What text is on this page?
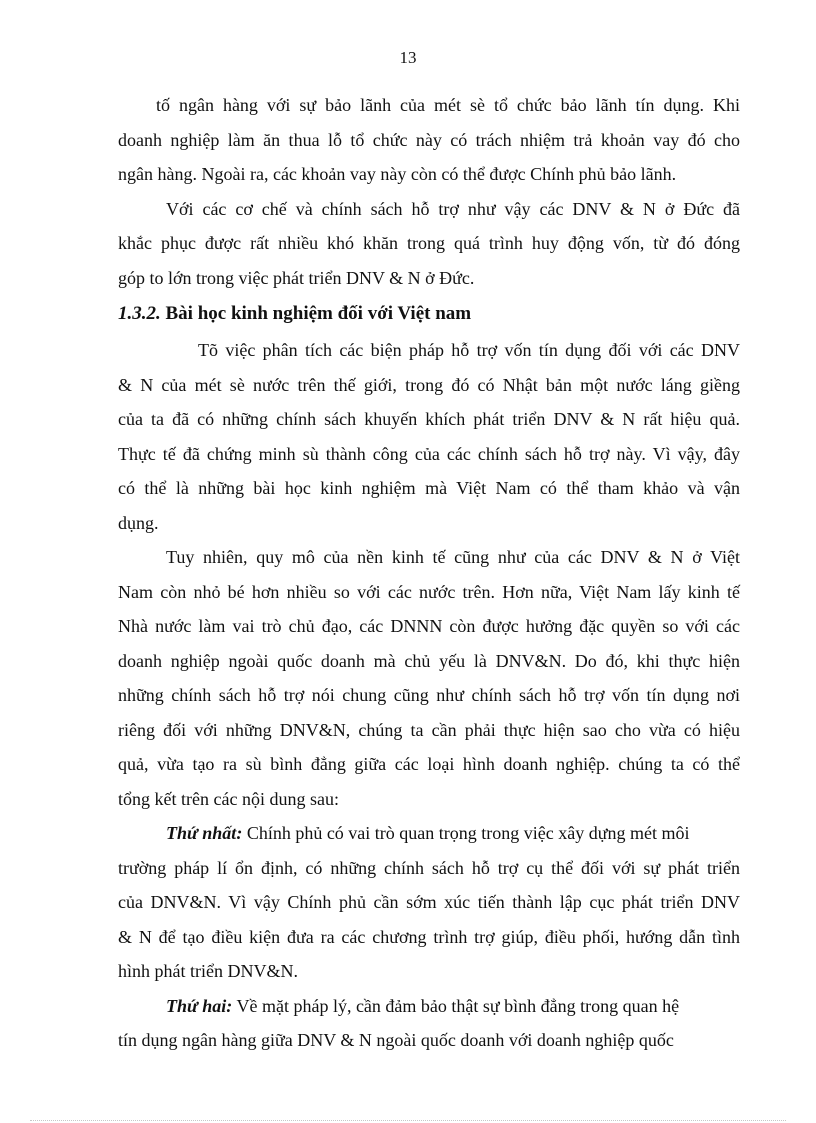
13
tố ngân hàng với sự bảo lãnh của mét sè tổ chức bảo lãnh tín dụng. Khi
doanh nghiệp làm ăn thua lỗ tổ chức này có trách nhiệm trả khoản vay đó cho
ngân hàng. Ngoài ra, các khoản vay này còn có thể được Chính phủ bảo lãnh.
Với các cơ chế và chính sách hỗ trợ như vậy các DNV & N ở Đức đã
khắc phục được rất nhiều khó khăn trong quá trình huy động vốn, từ đó đóng
góp to lớn trong việc phát triển DNV & N ở Đức.
1.3.2. Bài học kinh nghiệm đối với Việt nam
Tõ việc phân tích các biện pháp hỗ trợ vốn tín dụng đối với các DNV
& N của mét sè nước trên thế giới, trong đó có Nhật bản một nước láng giềng
của ta đã có những chính sách khuyến khích phát triển DNV & N rất hiệu quả.
Thực tế đã chứng minh sù thành công của các chính sách hỗ trợ này. Vì vậy, đây
có thể là những bài học kinh nghiệm mà Việt Nam có thể tham khảo và vận
dụng.
Tuy nhiên, quy mô của nền kinh tế cũng như của các DNV & N ở Việt
Nam còn nhỏ bé hơn nhiều so với các nước trên. Hơn nữa, Việt Nam lấy kinh tế
Nhà nước làm vai trò chủ đạo, các DNNN còn được hưởng đặc quyền so với các
doanh nghiệp ngoài quốc doanh mà chủ yếu là DNV&N. Do đó, khi thực hiện
những chính sách hỗ trợ nói chung cũng như chính sách hỗ trợ vốn tín dụng nơi
riêng đối với những DNV&N, chúng ta cần phải thực hiện sao cho vừa có hiệu
quả, vừa tạo ra sù bình đẳng giữa các loại hình doanh nghiệp. chúng ta có thể
tổng kết trên các nội dung sau:
Thứ nhất: Chính phủ có vai trò quan trọng trong việc xây dựng mét môi
trường pháp lí ổn định, có những chính sách hỗ trợ cụ thể đối với sự phát triển
của DNV&N. Vì vậy Chính phủ cần sớm xúc tiến thành lập cục phát triển DNV
& N để tạo điều kiện đưa ra các chương trình trợ giúp, điều phối, hướng dẫn tình
hình phát triển DNV&N.
Thứ hai: Về mặt pháp lý, cần đảm bảo thật sự bình đẳng trong quan hệ
tín dụng ngân hàng giữa DNV & N ngoài quốc doanh với doanh nghiệp quốc
